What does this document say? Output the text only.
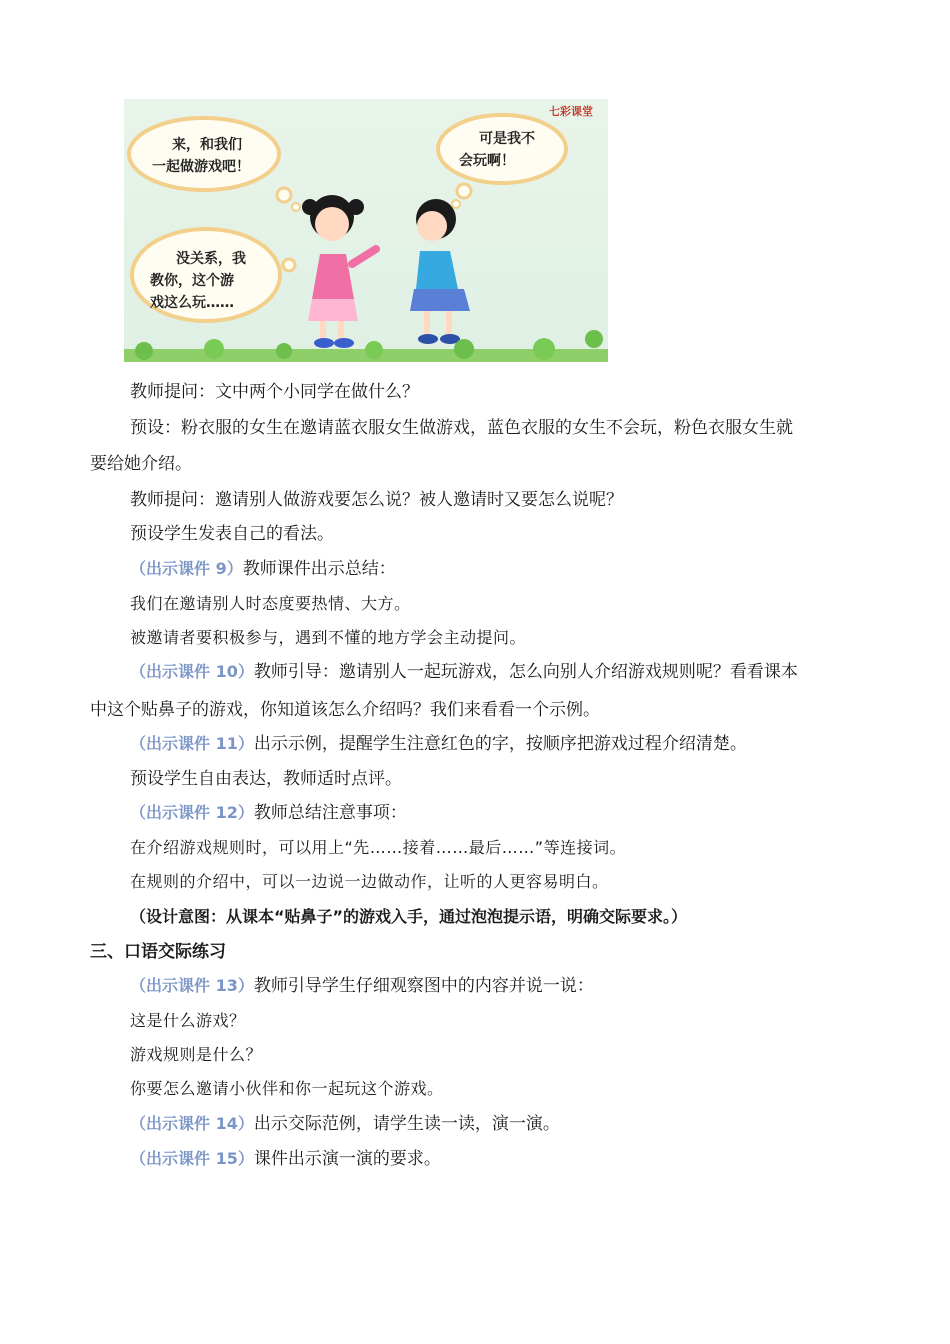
七彩课堂
来，和我们
一起做游戏吧！
可是我不
会玩啊！
没关系，我
教你，这个游
戏这么玩……
教师提问：文中两个小同学在做什么？
预设：粉衣服的女生在邀请蓝衣服女生做游戏，蓝色衣服的女生不会玩，粉色衣服女生就
要给她介绍。
教师提问：邀请别人做游戏要怎么说？被人邀请时又要怎么说呢？
预设学生发表自己的看法。
（出示课件 9）教师课件出示总结：
我们在邀请别人时态度要热情、大方。
被邀请者要积极参与，遇到不懂的地方学会主动提问。
（出示课件 10）教师引导：邀请别人一起玩游戏，怎么向别人介绍游戏规则呢？看看课本
中这个贴鼻子的游戏，你知道该怎么介绍吗？我们来看看一个示例。
（出示课件 11）出示示例，提醒学生注意红色的字，按顺序把游戏过程介绍清楚。
预设学生自由表达，教师适时点评。
（出示课件 12）教师总结注意事项：
在介绍游戏规则时，可以用上“先……接着……最后……”等连接词。
在规则的介绍中，可以一边说一边做动作，让听的人更容易明白。
（设计意图：从课本“贴鼻子”的游戏入手，通过泡泡提示语，明确交际要求。）
三、口语交际练习
（出示课件 13）教师引导学生仔细观察图中的内容并说一说：
这是什么游戏？
游戏规则是什么？
你要怎么邀请小伙伴和你一起玩这个游戏。
（出示课件 14）出示交际范例，请学生读一读，演一演。
（出示课件 15）课件出示演一演的要求。
